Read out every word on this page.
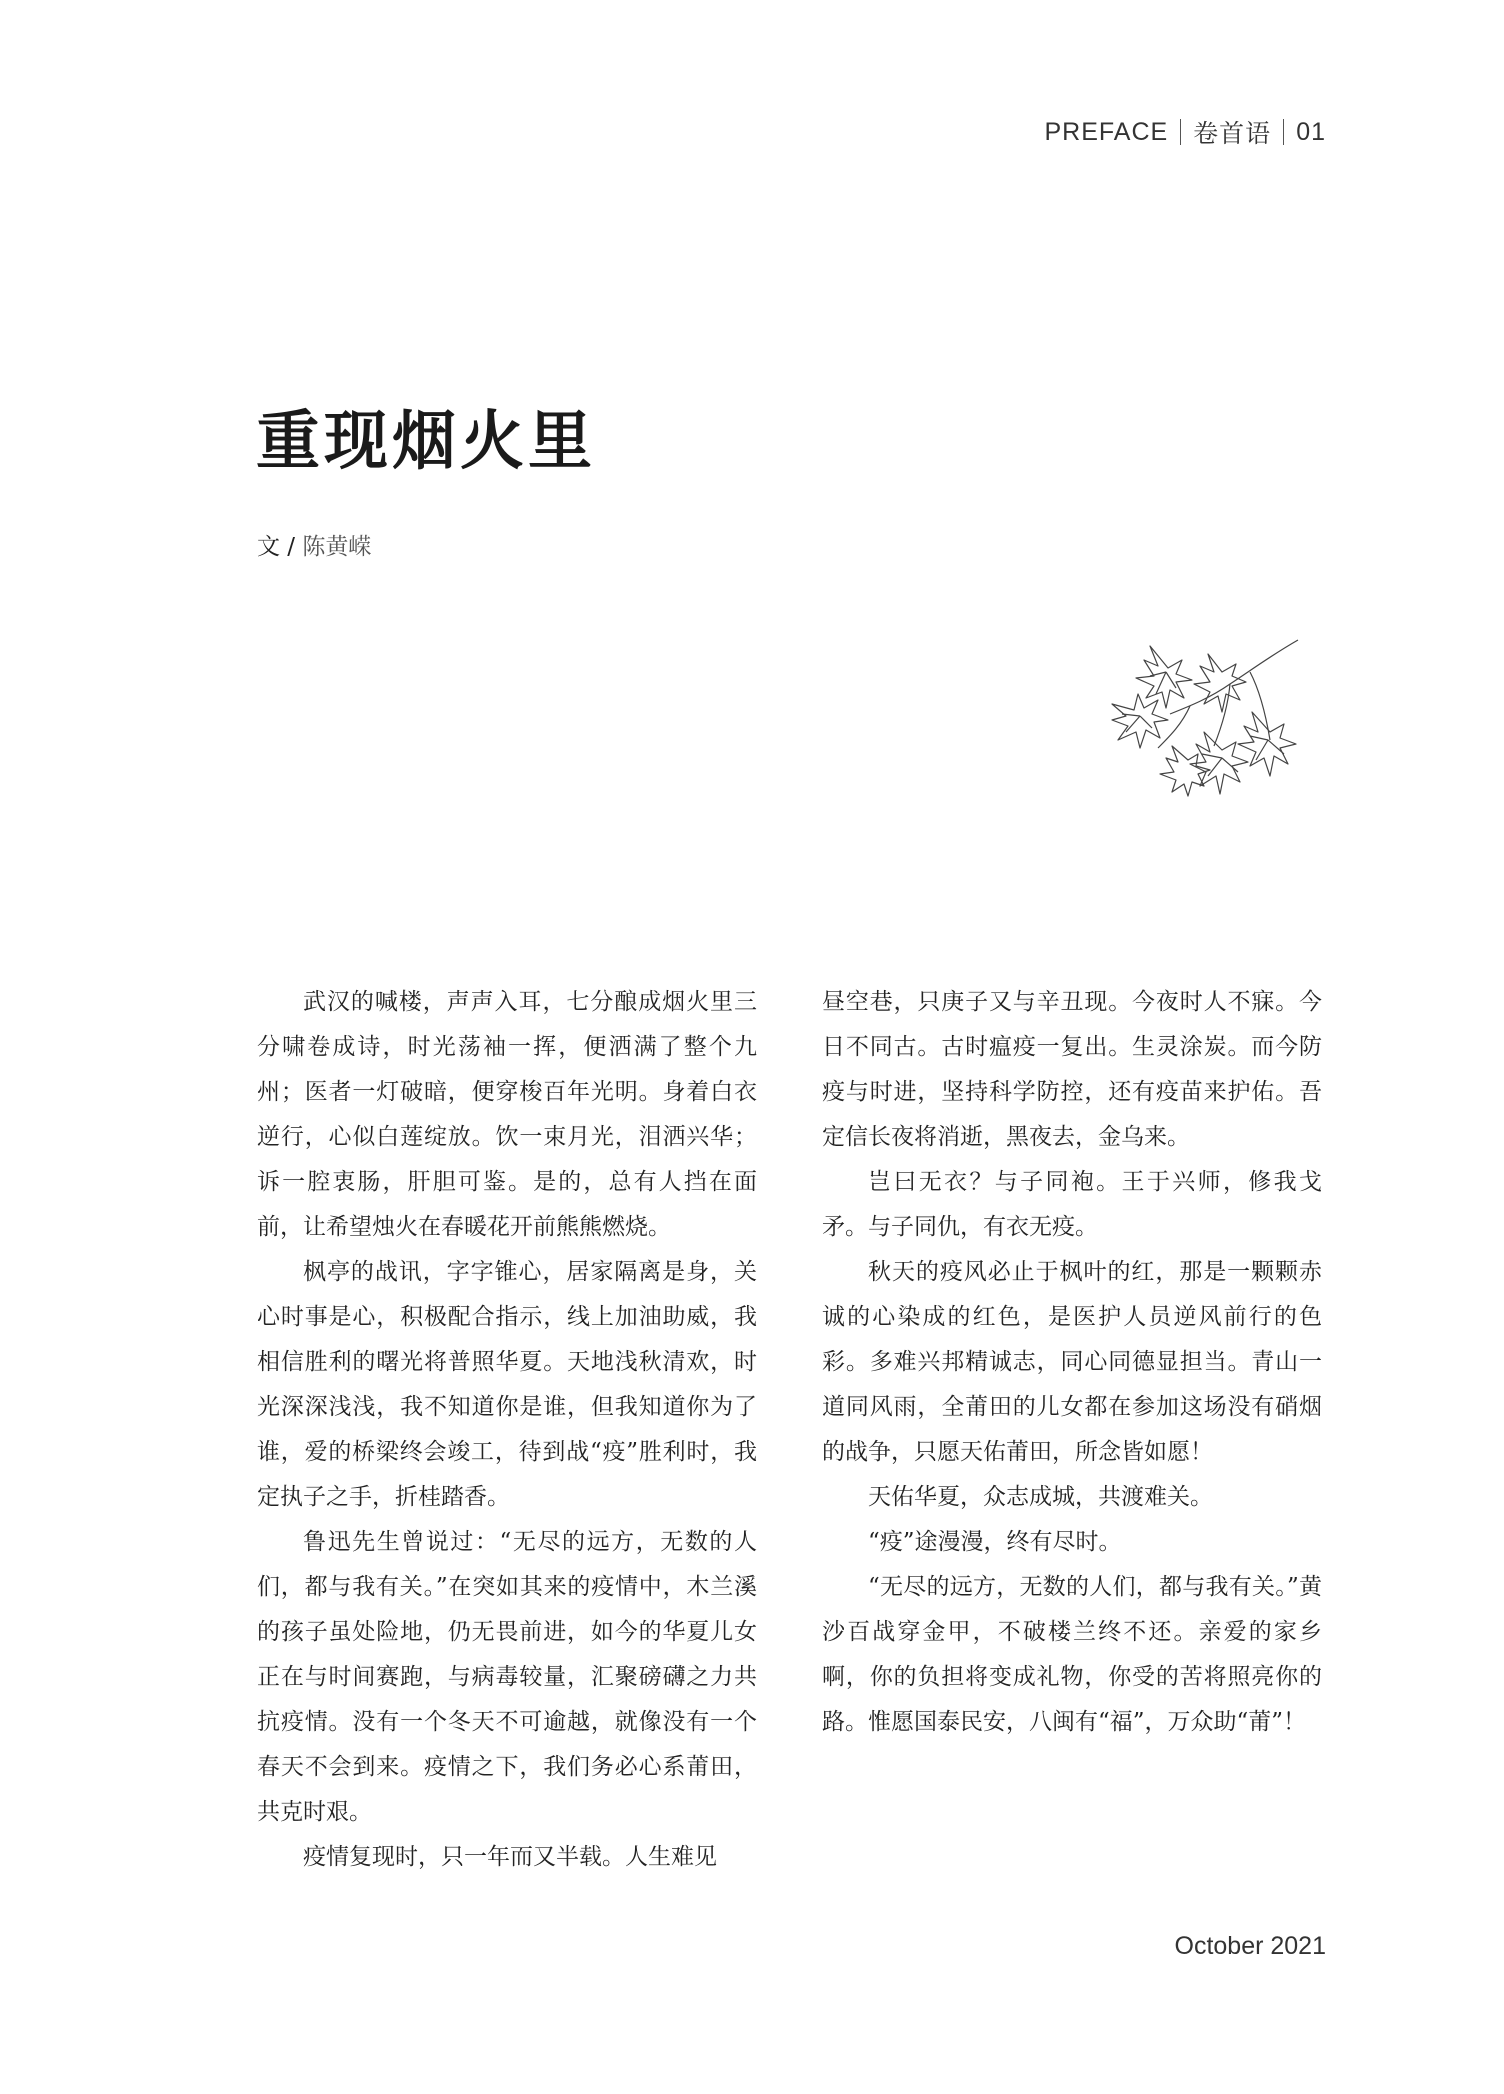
PREFACE 卷首语 01
重现烟火里
文 / 陈黄嵘

武汉的喊楼，声声入耳，七分酿成烟火里三分啸卷成诗，时光荡袖一挥，便洒满了整个九州；医者一灯破暗，便穿梭百年光明。身着白衣逆行，心似白莲绽放。饮一束月光，泪洒兴华；诉一腔衷肠，肝胆可鉴。是的，总有人挡在面前，让希望烛火在春暖花开前熊熊燃烧。

枫亭的战讯，字字锥心，居家隔离是身，关心时事是心，积极配合指示，线上加油助威，我相信胜利的曙光将普照华夏。天地浅秋清欢，时光深深浅浅，我不知道你是谁，但我知道你为了谁，爱的桥梁终会竣工，待到战“疫”胜利时，我定执子之手，折桂踏香。

鲁迅先生曾说过：“无尽的远方，无数的人们，都与我有关。”在突如其来的疫情中，木兰溪的孩子虽处险地，仍无畏前进，如今的华夏儿女正在与时间赛跑，与病毒较量，汇聚磅礴之力共抗疫情。没有一个冬天不可逾越，就像没有一个春天不会到来。疫情之下，我们务必心系莆田，共克时艰。

疫情复现时，只一年而又半载。人生难见

昼空巷，只庚子又与辛丑现。今夜时人不寐。今日不同古。古时瘟疫一复出。生灵涂炭。而今防疫与时进，坚持科学防控，还有疫苗来护佑。吾定信长夜将消逝，黑夜去，金乌来。

岂曰无衣？与子同袍。王于兴师，修我戈矛。与子同仇，有衣无疫。

秋天的疫风必止于枫叶的红，那是一颗颗赤诚的心染成的红色，是医护人员逆风前行的色彩。多难兴邦精诚志，同心同德显担当。青山一道同风雨，全莆田的儿女都在参加这场没有硝烟的战争，只愿天佑莆田，所念皆如愿！

天佑华夏，众志成城，共渡难关。

“疫”途漫漫，终有尽时。

“无尽的远方，无数的人们，都与我有关。”黄沙百战穿金甲，不破楼兰终不还。亲爱的家乡啊，你的负担将变成礼物，你受的苦将照亮你的路。惟愿国泰民安，八闽有“福”，万众助“莆”！

October 2021
